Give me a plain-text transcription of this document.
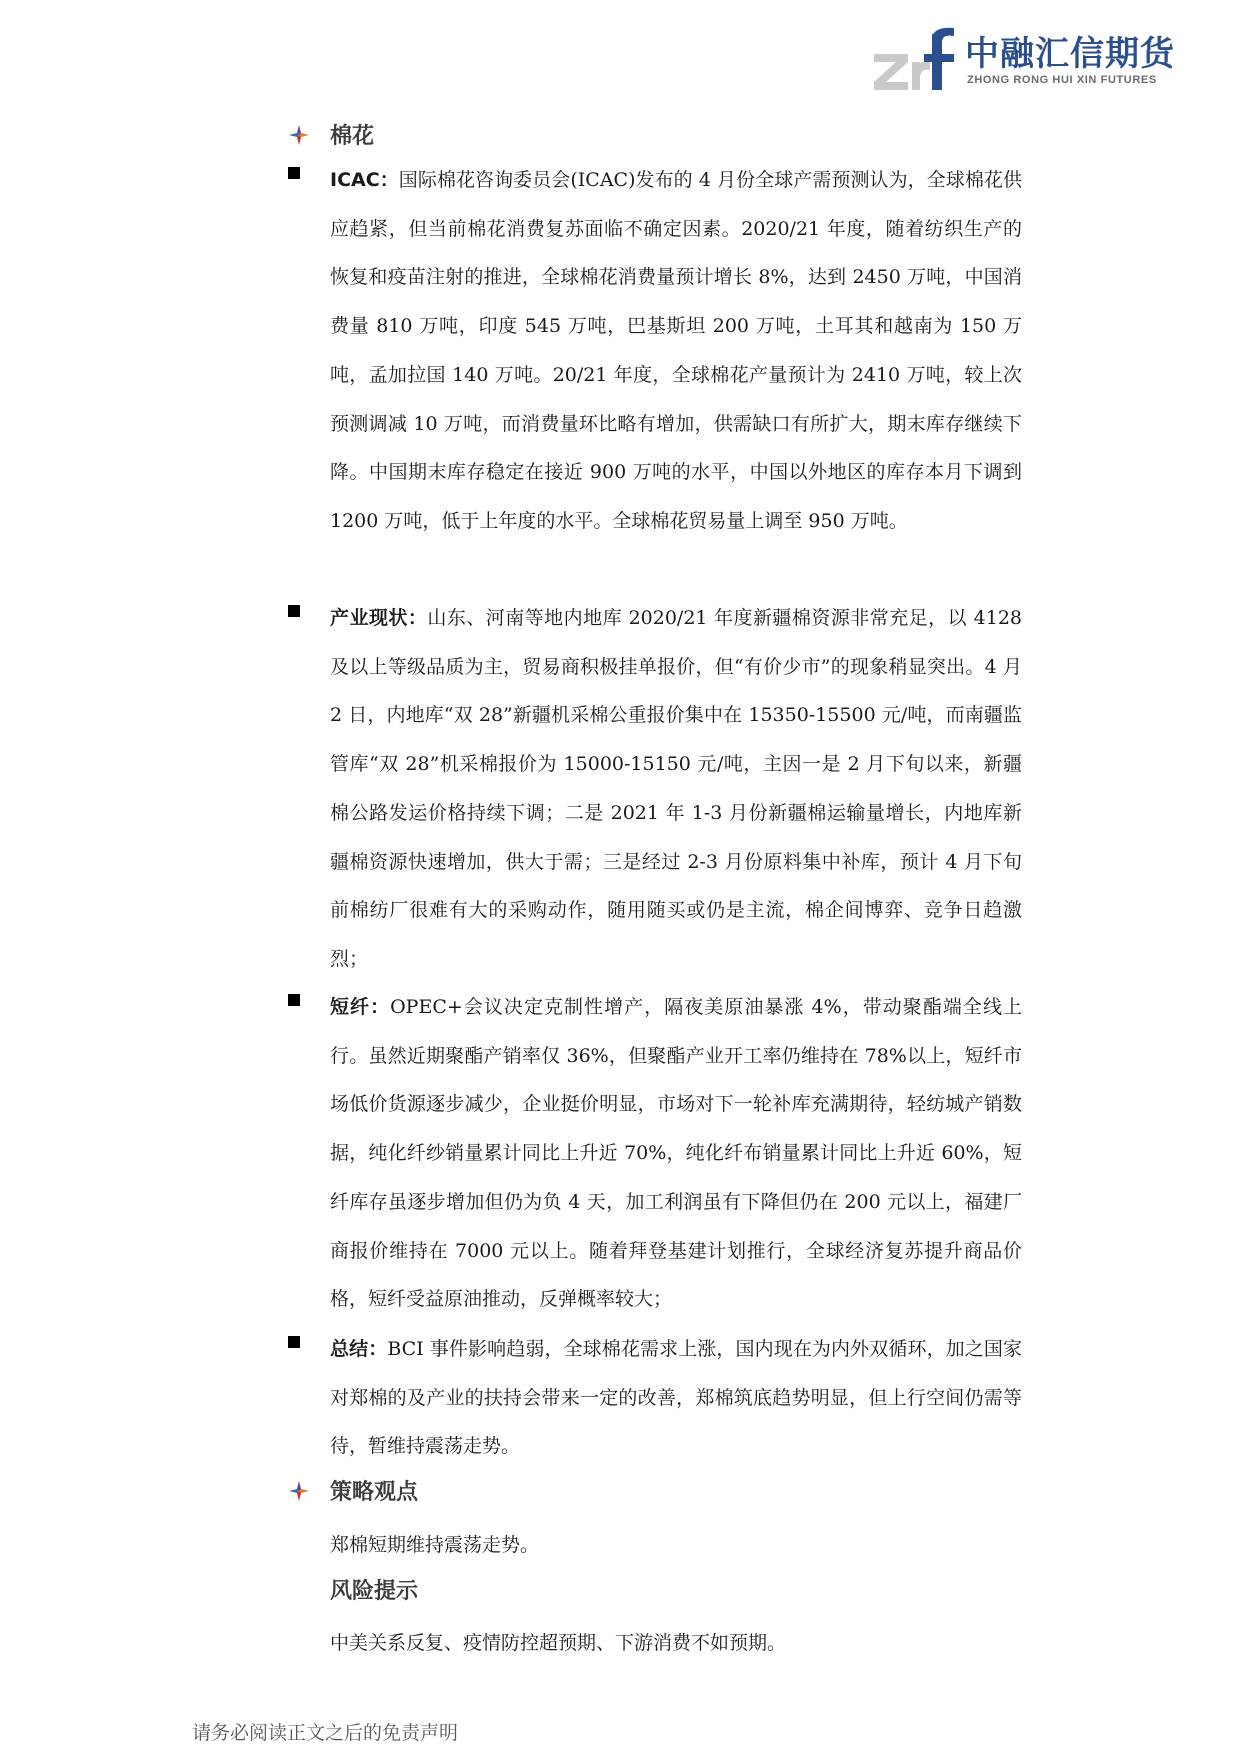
中融汇信期货
ZHONG RONG HUI XIN FUTURES
棉花
ICAC：国际棉花咨询委员会(ICAC)发布的 4 月份全球产需预测认为，全球棉花供应趋紧，但当前棉花消费复苏面临不确定因素。2020/21 年度，随着纺织生产的恢复和疫苗注射的推进，全球棉花消费量预计增长 8%，达到 2450 万吨，中国消费量 810 万吨，印度 545 万吨，巴基斯坦 200 万吨，土耳其和越南为 150 万吨，孟加拉国 140 万吨。20/21 年度，全球棉花产量预计为 2410 万吨，较上次预测调减 10 万吨，而消费量环比略有增加，供需缺口有所扩大，期末库存继续下降。中国期末库存稳定在接近 900 万吨的水平，中国以外地区的库存本月下调到 1200 万吨，低于上年度的水平。全球棉花贸易量上调至 950 万吨。
产业现状：山东、河南等地内地库 2020/21 年度新疆棉资源非常充足，以 4128 及以上等级品质为主，贸易商积极挂单报价，但“有价少市”的现象稍显突出。4 月 2 日，内地库“双 28”新疆机采棉公重报价集中在 15350-15500 元/吨，而南疆监管库“双 28”机采棉报价为 15000-15150 元/吨，主因一是 2 月下旬以来，新疆棉公路发运价格持续下调；二是 2021 年 1-3 月份新疆棉运输量增长，内地库新疆棉资源快速增加，供大于需；三是经过 2-3 月份原料集中补库，预计 4 月下旬前棉纺厂很难有大的采购动作，随用随买或仍是主流，棉企间博弈、竞争日趋激烈；
短纤：OPEC+会议决定克制性增产，隔夜美原油暴涨 4%，带动聚酯端全线上行。虽然近期聚酯产销率仅 36%，但聚酯产业开工率仍维持在 78%以上，短纤市场低价货源逐步减少，企业挺价明显，市场对下一轮补库充满期待，轻纺城产销数据，纯化纤纱销量累计同比上升近 70%，纯化纤布销量累计同比上升近 60%，短纤库存虽逐步增加但仍为负 4 天，加工利润虽有下降但仍在 200 元以上，福建厂商报价维持在 7000 元以上。随着拜登基建计划推行，全球经济复苏提升商品价格，短纤受益原油推动，反弹概率较大；
总结：BCI 事件影响趋弱，全球棉花需求上涨，国内现在为内外双循环，加之国家对郑棉的及产业的扶持会带来一定的改善，郑棉筑底趋势明显，但上行空间仍需等待，暂维持震荡走势。
策略观点
郑棉短期维持震荡走势。
风险提示
中美关系反复、疫情防控超预期、下游消费不如预期。
请务必阅读正文之后的免责声明
